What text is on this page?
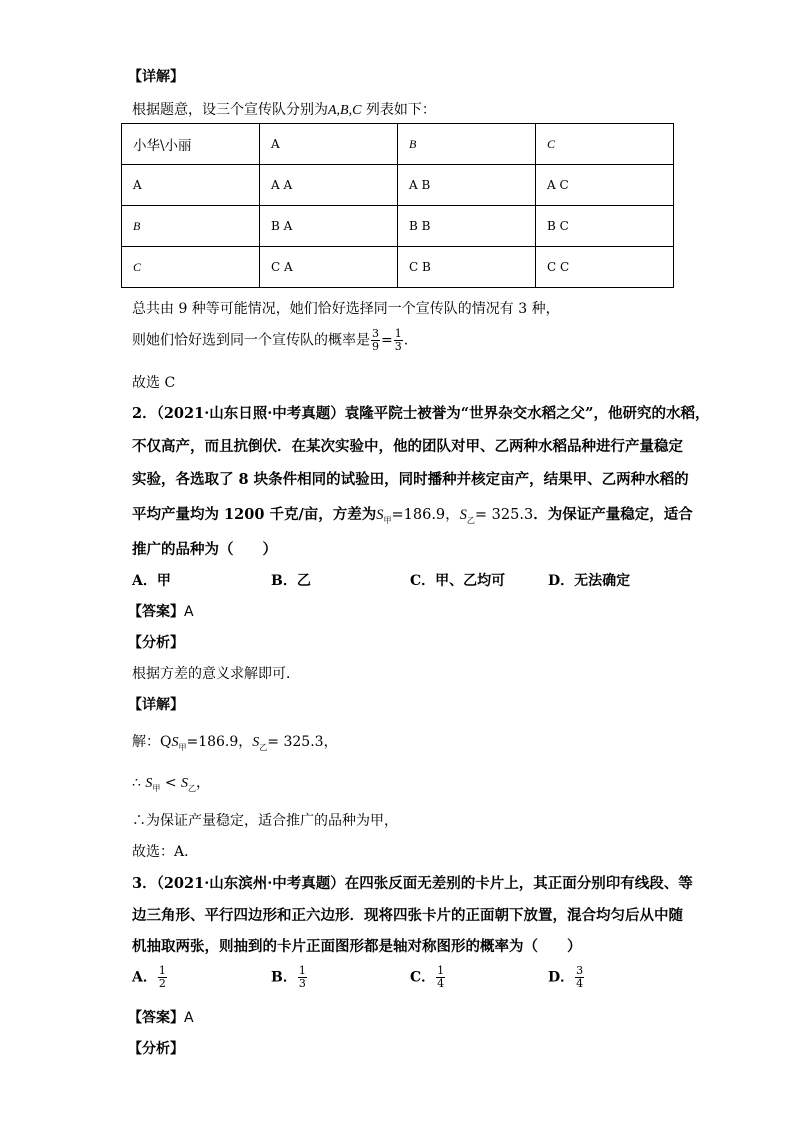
【详解】
根据题意，设三个宣传队分别为A,B,C 列表如下：
小华\小丽	A	B	C
A	A A	A B	A C
B	B A	B B	B C
C	C A	C B	C C
总共由 9 种等可能情况，她们恰好选择同一个宣传队的情况有 3 种，
则她们恰好选到同一个宣传队的概率是 $\frac{3}{9} = \frac{1}{3}$ .
故选 C
2．（2021·山东日照·中考真题）袁隆平院士被誉为“世界杂交水稻之父”，他研究的水稻，
不仅高产，而且抗倒伏．在某次实验中，他的团队对甲、乙两种水稻品种进行产量稳定
实验，各选取了 8 块条件相同的试验田，同时播种并核定亩产，结果甲、乙两种水稻的
平均产量均为 1200 千克/亩，方差为$S_甲=186.9$，$S_乙= 325.3$．为保证产量稳定，适合
推广的品种为（　　）
A．甲	B．乙	C．甲、乙均可	D．无法确定
【答案】A
【分析】
根据方差的意义求解即可．
【详解】
解：$QS_甲=186.9$，$S_乙= 325.3$，
∴ $S_甲 < S_乙$，
∴为保证产量稳定，适合推广的品种为甲，
故选：A．
3．（2021·山东滨州·中考真题）在四张反面无差别的卡片上，其正面分别印有线段、等
边三角形、平行四边形和正六边形．现将四张卡片的正面朝下放置，混合均匀后从中随
机抽取两张，则抽到的卡片正面图形都是轴对称图形的概率为（　　）
A． $\frac{1}{2}$	B． $\frac{1}{3}$	C． $\frac{1}{4}$	D． $\frac{3}{4}$
【答案】A
【分析】
